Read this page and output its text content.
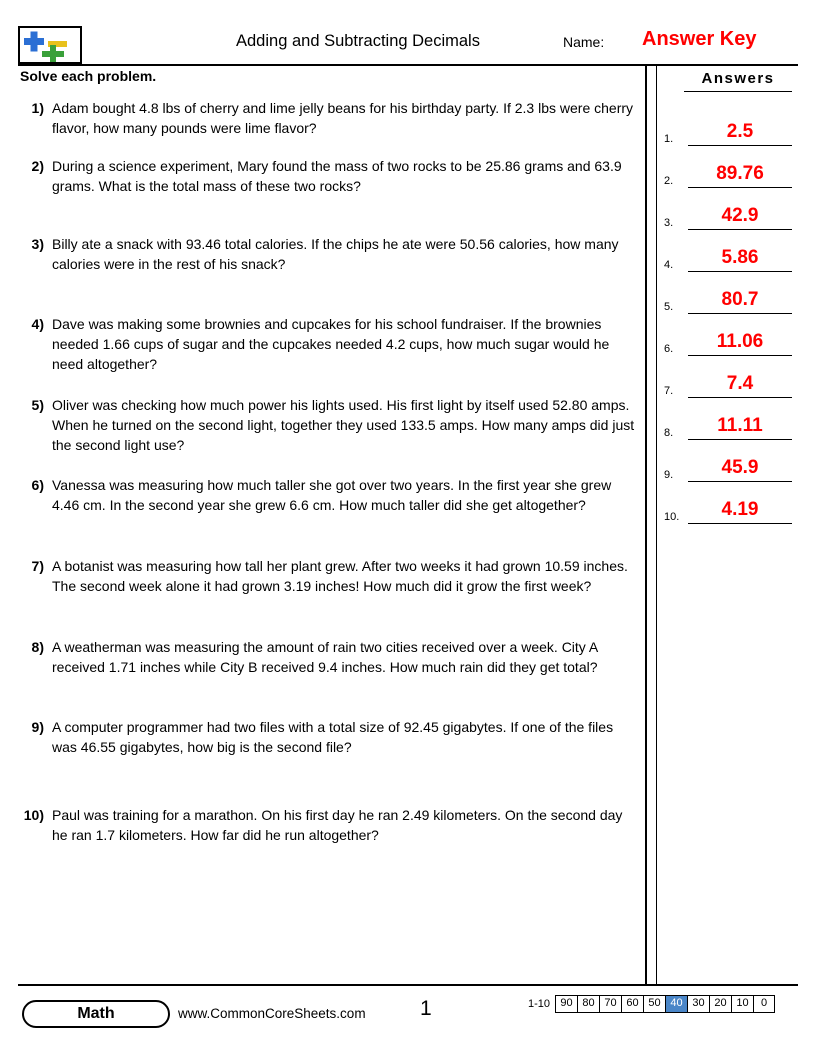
Adding and Subtracting Decimals	Name: Answer Key
Solve each problem.
1) Adam bought 4.8 lbs of cherry and lime jelly beans for his birthday party. If 2.3 lbs were cherry flavor, how many pounds were lime flavor?
2) During a science experiment, Mary found the mass of two rocks to be 25.86 grams and 63.9 grams. What is the total mass of these two rocks?
3) Billy ate a snack with 93.46 total calories. If the chips he ate were 50.56 calories, how many calories were in the rest of his snack?
4) Dave was making some brownies and cupcakes for his school fundraiser. If the brownies needed 1.66 cups of sugar and the cupcakes needed 4.2 cups, how much sugar would he need altogether?
5) Oliver was checking how much power his lights used. His first light by itself used 52.80 amps. When he turned on the second light, together they used 133.5 amps. How many amps did just the second light use?
6) Vanessa was measuring how much taller she got over two years. In the first year she grew 4.46 cm. In the second year she grew 6.6 cm. How much taller did she get altogether?
7) A botanist was measuring how tall her plant grew. After two weeks it had grown 10.59 inches. The second week alone it had grown 3.19 inches! How much did it grow the first week?
8) A weatherman was measuring the amount of rain two cities received over a week. City A received 1.71 inches while City B received 9.4 inches. How much rain did they get total?
9) A computer programmer had two files with a total size of 92.45 gigabytes. If one of the files was 46.55 gigabytes, how big is the second file?
10) Paul was training for a marathon. On his first day he ran 2.49 kilometers. On the second day he ran 1.7 kilometers. How far did he run altogether?
Answers
1.	2.5
2.	89.76
3.	42.9
4.	5.86
5.	80.7
6.	11.06
7.	7.4
8.	11.11
9.	45.9
10.	4.19
Math	www.CommonCoreSheets.com	1	1-10 90 80 70 60 50 40 30 20 10	0
